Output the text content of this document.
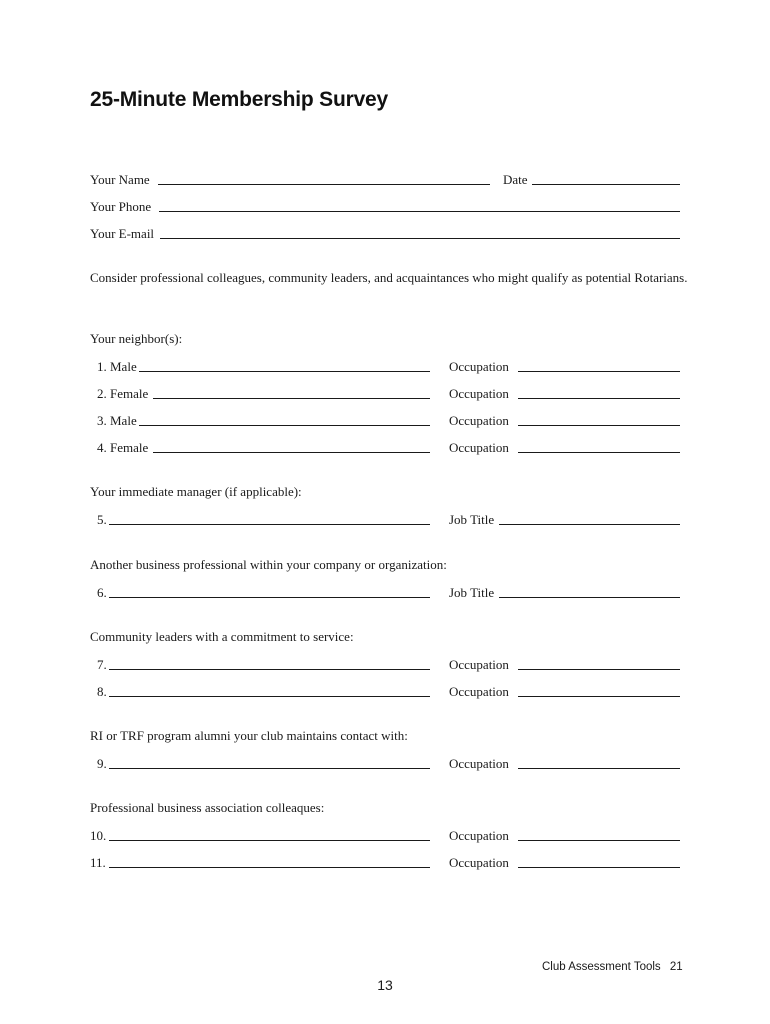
25-Minute Membership Survey
Your Name	Date
Your Phone
Your E-mail
Consider professional colleagues, community leaders, and acquaintances who might qualify as potential Rotarians.
Your neighbor(s):
Your immediate manager (if applicable):
Another business professional within your company or organization:
Community leaders with a commitment to service:
RI or TRF program alumni your club maintains contact with:
Professional business association colleaques:
1. Male	Occupation
2. Female	Occupation
3. Male	Occupation
4. Female	Occupation
5.	Job Title
6.	Job Title
7.	Occupation
8.	Occupation
9.	Occupation
10.	Occupation
11.	Occupation
Club Assessment Tools 21
13
